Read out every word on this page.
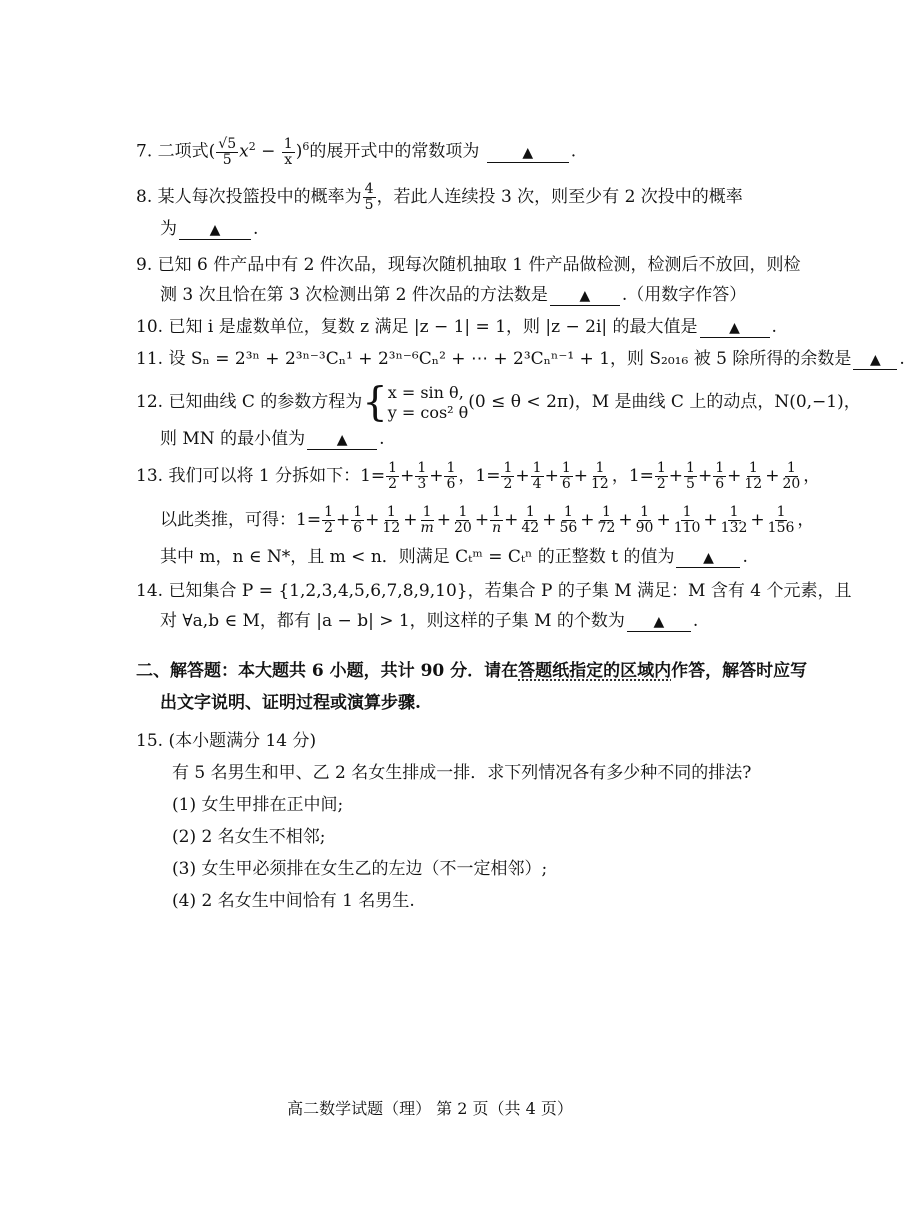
7. 二项式( $\frac{√5}{5} x^2 - \frac{1}{x} )^6$的展开式中的常数项为	▲ .
8. 某人每次投篮投中的概率为 $\frac{4}{5}$ ，若此人连续投 3 次，则至少有 2 次投中的概率
为 ▲ .
9. 已知 6 件产品中有 2 件次品，现每次随机抽取 1 件产品做检测，检测后不放回，则检
测 3 次且恰在第 3 次检测出第 2 件次品的方法数是 ▲ .（用数字作答）
10. 已知 i 是虚数单位，复数 z 满足 |z − 1| = 1，则 |z − 2i| 的最大值是 ▲ .
11. 设 Sₙ = 2³ⁿ + 2³ⁿ⁻³Cₙ¹ + 2³ⁿ⁻⁶Cₙ² + ⋯ + 2³Cₙⁿ⁻¹ + 1，则 S₂₀₁₆ 被 5 除所得的余数是 ▲ .
12. 已知曲线 C 的参数方程为{ x = sin θ,
y = cos² θ (0 ≤ θ < 2π)，M 是曲线 C 上的动点，N(0,−1)，
则 MN 的最小值为 ▲ .
13. 我们可以将 1 分拆如下：$1= \frac{1}{2} + \frac{1}{3} + \frac{1}{6}$ ，$1= \frac{1}{2} + \frac{1}{4} + \frac{1}{6} + \frac{1}{12}$ ，$1= \frac{1}{2} + \frac{1}{5} + \frac{1}{6} + \frac{1}{12} + \frac{1}{20}$ ，
以此类推，可得：$1= \frac{1}{2} + \frac{1}{6} + \frac{1}{12} + \frac{1}{m} + \frac{1}{20} + \frac{1}{n} + \frac{1}{42} + \frac{1}{56} + \frac{1}{72} + \frac{1}{90} + \frac{1}{110} + \frac{1}{132} + \frac{1}{156}$ ，
其中 m，n ∈ N*，且 m < n．则满足 Cₜᵐ = Cₜⁿ 的正整数 t 的值为 ▲ .
14. 已知集合 P = {1,2,3,4,5,6,7,8,9,10}，若集合 P 的子集 M 满足：M 含有 4 个元素，且
对 ∀a,b ∈ M，都有 |a − b| > 1，则这样的子集 M 的个数为 ▲ .
二、解答题：本大题共 6 小题，共计 90 分．请在答题纸指定的区域内作答，解答时应写
出文字说明、证明过程或演算步骤.
15. (本小题满分 14 分)
有 5 名男生和甲、乙 2 名女生排成一排．求下列情况各有多少种不同的排法?
(1) 女生甲排在正中间;
(2) 2 名女生不相邻;
(3) 女生甲必须排在女生乙的左边（不一定相邻）;
(4) 2 名女生中间恰有 1 名男生.
高二数学试题（理） 第 2 页（共 4 页）
